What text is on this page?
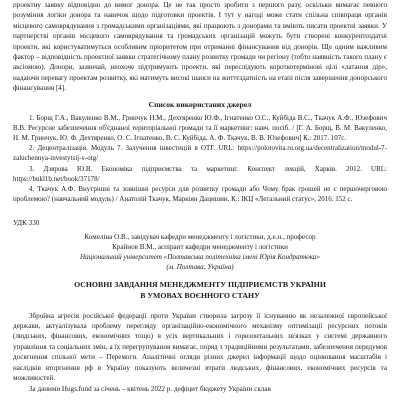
проектну заявку відповідно до вимог донора. Це не так просто зробити з першого разу, оскільки вимагає певного розуміння логіки донора та навичок щодо підготовки проектів. І тут у нагоді може стати спільна співпраця органів місцевого самоврядування з громадськими організаціями, які працюють з донорами та вміють писати проектні заявки. У партнерстві органів місцевого самоврядування та громадських організацій можуть бути створені конкурентоздатні проекти, які користуватимуться особливим пріоритетом при отриманні фінансування від донорів. Ще одним важливим фактор – відповідність проектної заявки стратегічному плану розвитку громади чи регіону (тобто наявність такого плану є аксіомою). Донори, зазвичай, неохоче підтримують проекти, які переслідують короткотерміновi цілі «латання дір», надаючи перевагу проектам розвитку, які матимуть високі шанси на життєздатність на етапі після завершення донорського фінансування [4].

Список використаних джерел

1. Борщ Г.А., Вакуленко В.М., Гринчук Н.М., Дехтяренко Ю.Ф., Ігнатенко О.С., Куйбіда В.С., Ткачук А.Ф., Юзефович В.В. Ресурсне забезпечення об'єднаної територіальної громади та її маркетинг: навч. посіб. / [Г. А. Борщ, В. М. Вакуленко, Н. М. Гринчук, Ю. Ф. Дехтяренко, О. С. Ігнатенко, В. С. Куйбіда, А. Ф. Ткачук, В. В. Юзефович] К.: 2017. 107с.

2. Децентралізація. Модуль 7. Залучення інвестицій в ОТГ. URL: https://polotovita.ru.org.ua/decentralization/modul-7-zaluchennya-investytsij-v-otg/

3. Дзярова Ю.В. Економіка підприємства та маркетинг. Конспект лекцій, Харків. 2012. URL: https://bukl1b.net/book/37178/

4. Ткачук А.Ф. Внутрішні та зовнішні ресурси для розвитку громади або Чому брак грошей не є першочерговою проблемою? (навчальний модуль) / Анатолій Ткачук, Маркіян Дацишин. К.: ІКЦ «Легальний статус», 2016. 152 с.

УДК 330

Комеліна О.В., завідувач кафедри менеджменту і логістики, д.е.н., професор

Крайнов В.М., аспірант кафедри менеджменту і логістики

Національний університет «Полтавська політехніка імені Юрія Кондратюка»

(м. Полтава, Україна)

ОСНОВНІ ЗАВДАННЯ МЕНЕДЖМЕНТУ ПІДПРИЄМСТВ УКРАЇНИ

В УМОВАХ ВОЄННОГО СТАНУ

Збройна агресія російської федерації проти України створила загрозу її існуванню як незалежної європейської держави, актуалізувала проблему перегляду організаційно-економічного механізму оптимізації ресурсних потоків (людських, фінансових, економічних тощо) в усіх вертикальних і горизонтальних зв'язках у системі державного управління та соціальних змін, а їх перегрупування вимагає, поряд з традиційними результатами, забезпечення передумов досягнення спільної мети – Перемоги. Аналітичні огляди різних джерел інформації щодо оцінювання масштабів і наслідків вторгнення рф в Україну показують величезні втрати людських, фінансових, економічних ресурсів та можливостей.

За даними Hugs.fund за січень – квітень 2022 р. дефіцит бюджету України склав
